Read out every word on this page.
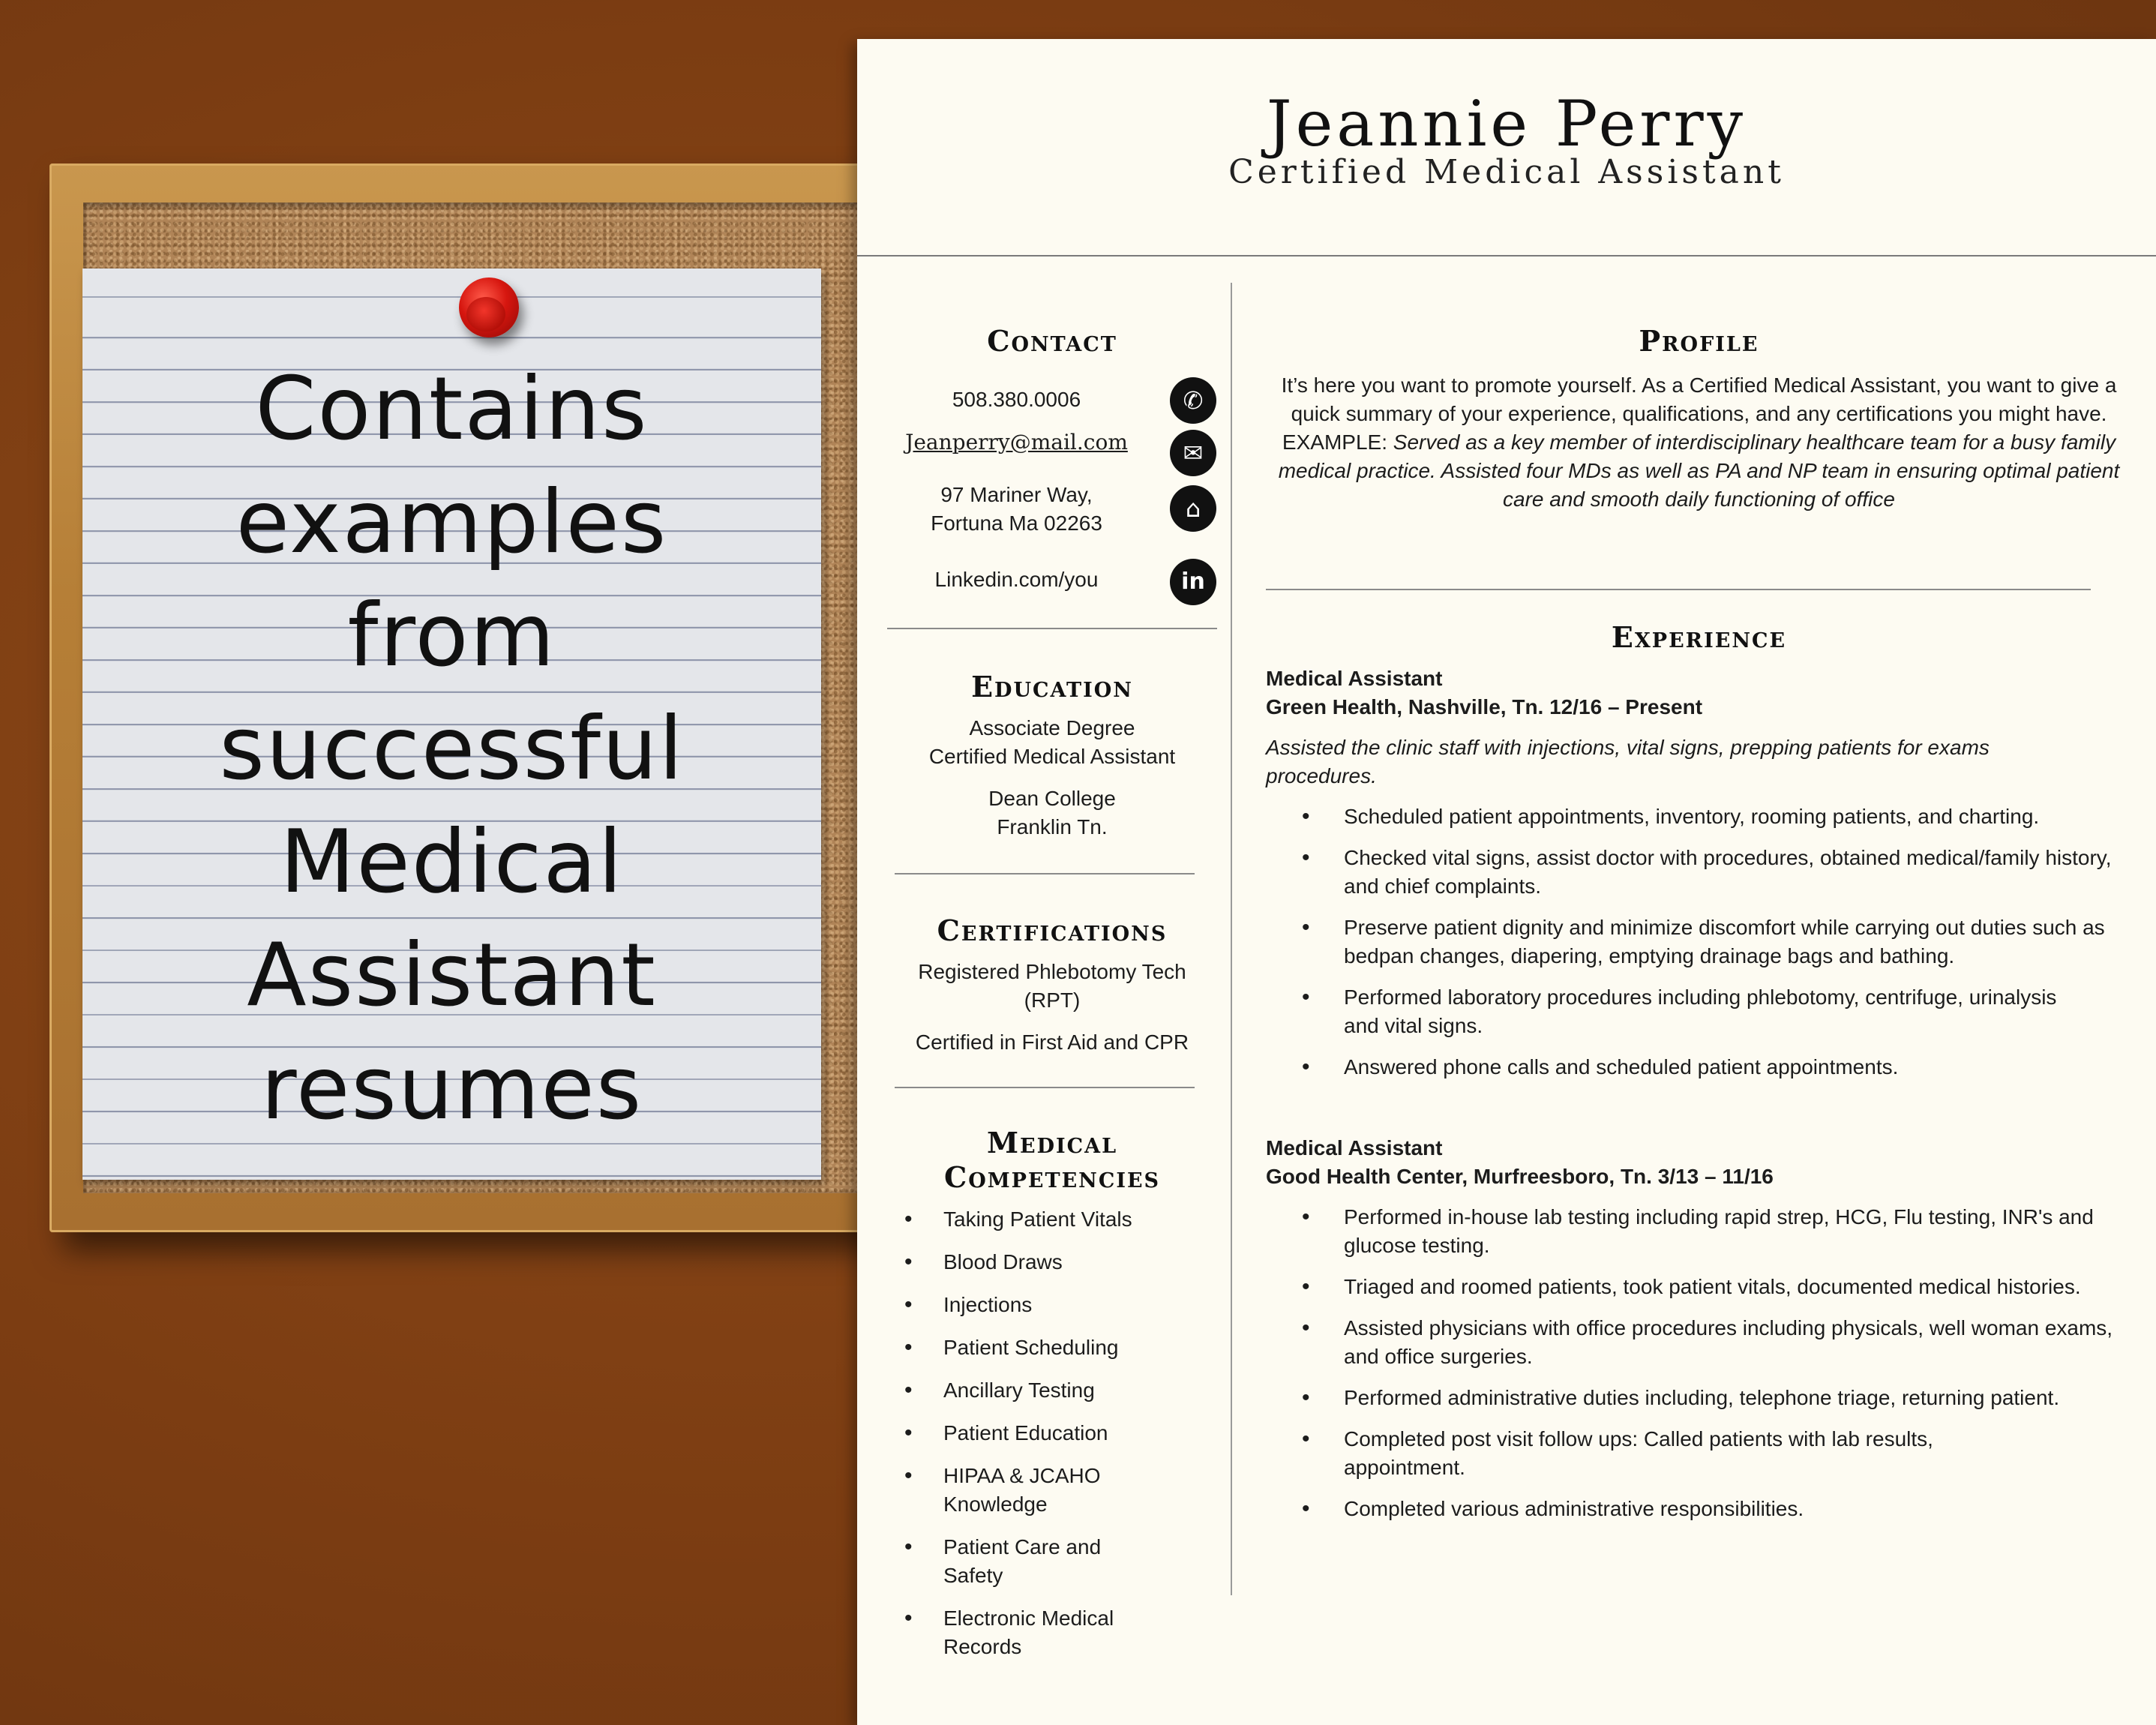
Contains
examples
from
successful
Medical
Assistant
resumes
Jeannie Perry
Certified Medical Assistant
Contact
508.380.0006	✆
Jeanperry@mail.com	✉
97 Mariner Way,
Fortuna Ma 02263
⌂
Linkedin.com/you	in
Education
Associate Degree
Certified Medical Assistant
Dean College
Franklin Tn.
Certifications
Registered Phlebotomy Tech (RPT)
Certified in First Aid and CPR
Medical
Competencies
• Taking Patient Vitals
• Blood Draws
• Injections
• Patient Scheduling
• Ancillary Testing
• Patient Education
• HIPAA & JCAHO Knowledge
• Patient Care and Safety
• Electronic Medical Records
Profile
It’s here you want to promote yourself. As a Certified Medical Assistant, you want to give a quick summary of your experience, qualifications, and any certifications you might have. EXAMPLE: Served as a key member of interdisciplinary healthcare team for a busy family medical practice. Assisted four MDs as well as PA and NP team in ensuring optimal patient care and smooth daily functioning of office
Experience
Medical Assistant
Green Health, Nashville, Tn. 12/16 – Present
Assisted the clinic staff with injections, vital signs, prepping patients for exams procedures.
• Scheduled patient appointments, inventory, rooming patients, and charting.
• Checked vital signs, assist doctor with procedures, obtained medical/family history, and chief complaints.
• Preserve patient dignity and minimize discomfort while carrying out duties such as bedpan changes, diapering, emptying drainage bags and bathing.
• Performed laboratory procedures including phlebotomy, centrifuge, urinalysis and vital signs.
• Answered phone calls and scheduled patient appointments.
Medical Assistant
Good Health Center, Murfreesboro, Tn. 3/13 – 11/16
• Performed in-house lab testing including rapid strep, HCG, Flu testing, INR's and glucose testing.
• Triaged and roomed patients, took patient vitals, documented medical histories.
• Assisted physicians with office procedures including physicals, well woman exams, and office surgeries.
• Performed administrative duties including, telephone triage, returning patient.
• Completed post visit follow ups: Called patients with lab results, appointment.
• Completed various administrative responsibilities.
